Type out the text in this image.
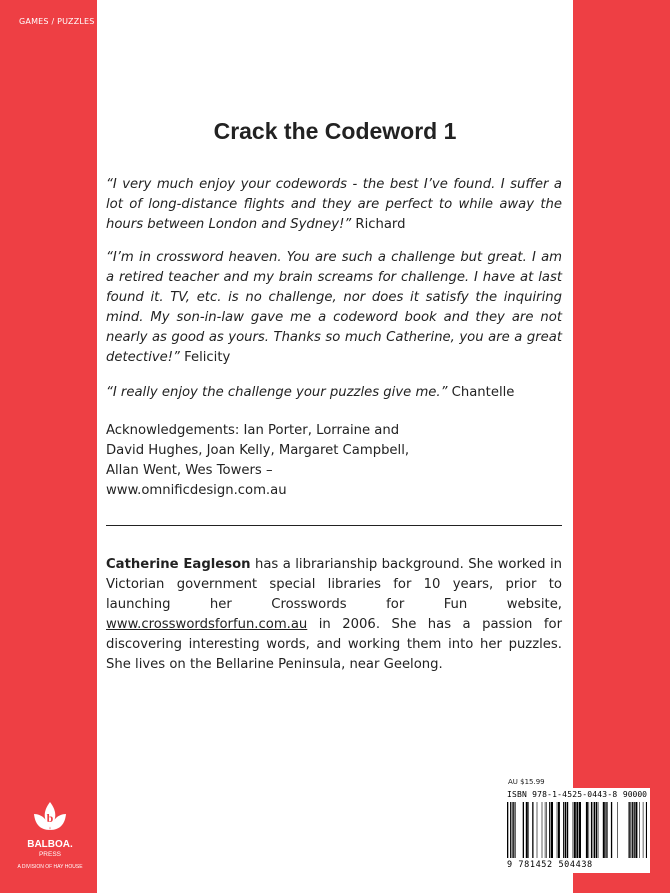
GAMES / PUZZLES
Crack the Codeword 1
“I very much enjoy your codewords - the best I’ve found. I suffer a lot of long-distance flights and they are perfect to while away the hours between London and Sydney!” Richard
“I’m in crossword heaven. You are such a challenge but great. I am a retired teacher and my brain screams for challenge. I have at last found it. TV, etc. is no challenge, nor does it satisfy the inquiring mind. My son-in-law gave me a codeword book and they are not nearly as good as yours. Thanks so much Catherine, you are a great detective!” Felicity
“I really enjoy the challenge your puzzles give me.” Chantelle
Acknowledgements: Ian Porter, Lorraine and David Hughes, Joan Kelly, Margaret Campbell, Allan Went, Wes Towers – www.omnificdesign.com.au
Catherine Eagleson has a librarianship background. She worked in Victorian government special libraries for 10 years, prior to launching her Crosswords for Fun website, www.crosswordsforfun.com.au in 2006. She has a passion for discovering interesting words, and working them into her puzzles. She lives on the Bellarine Peninsula, near Geelong.
AU $15.99
ISBN 978-1-4525-0443-8 90000
9 781452 504438
b
BALBOA.
PRESS
A DIVISION OF HAY HOUSE
